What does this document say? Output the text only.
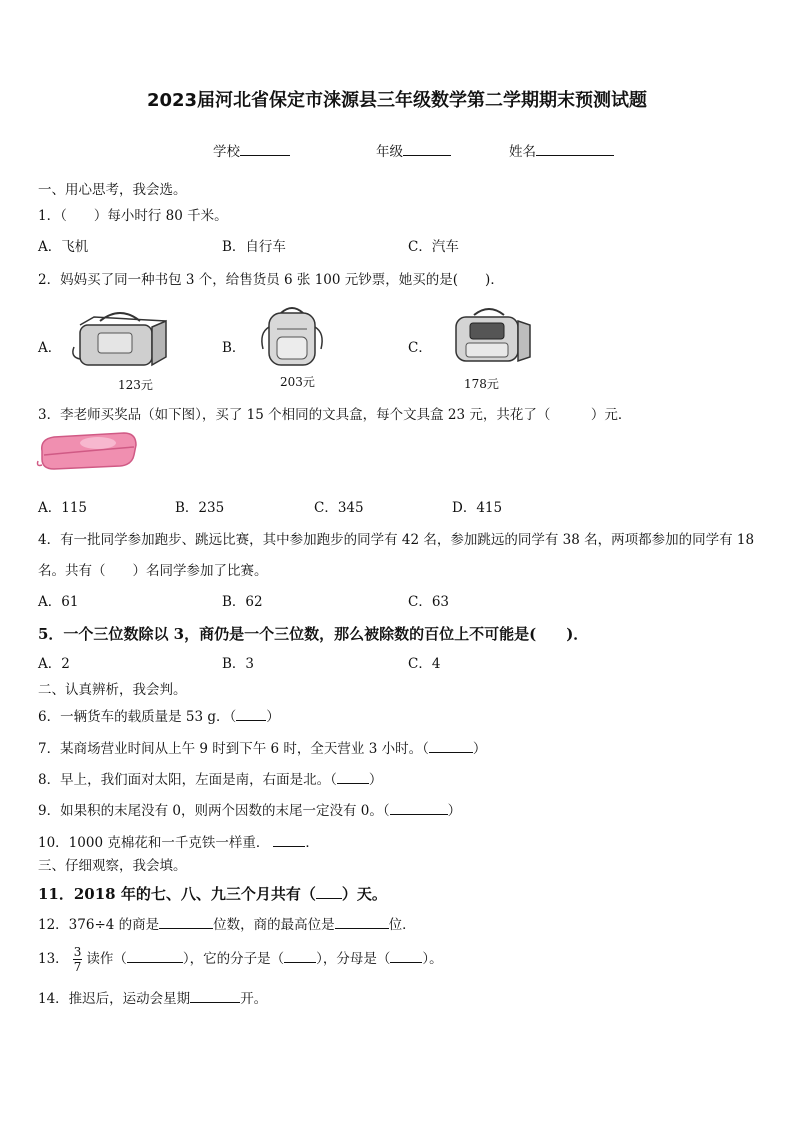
2023届河北省保定市涞源县三年级数学第二学期期末预测试题
学校	年级	姓名
一、用心思考，我会选。
1．（　　）每小时行 80 千米。
A．飞机	B．自行车	C．汽车
2．妈妈买了同一种书包 3 个，给售货员 6 张 100 元钞票，她买的是(　　)．
A．	B．	C．
123元	203元	178元
3．李老师买奖品（如下图），买了 15 个相同的文具盒，每个文具盒 23 元，共花了（　　　）元．
A．115	B．235	C．345	D．415
4．有一批同学参加跑步、跳远比赛，其中参加跑步的同学有 42 名，参加跳远的同学有 38 名，两项都参加的同学有 18
名。共有（　　）名同学参加了比赛。
A．61	B．62	C．63
5．一个三位数除以 3，商仍是一个三位数，那么被除数的百位上不可能是(　　)．
A．2	B．3	C．4
二、认真辨析，我会判。
6．一辆货车的载质量是 53 g．（ ）
7．某商场营业时间从上午 9 时到下午 6 时，全天营业 3 小时。（	）
8．早上，我们面对太阳，左面是南，右面是北。（ ）
9．如果积的末尾没有 0，则两个因数的末尾一定没有 0。（	）
10．1000 克棉花和一千克铁一样重．	．
三、仔细观察，我会填。
11．2018 年的七、八、九三个月共有（ ）天。
12．376÷4 的商是	位数，商的最高位是	位．
13． $\frac{3}{7}$ 读作（	），它的分子是（ ），分母是（ ）。
14．推迟后，运动会星期	开。
